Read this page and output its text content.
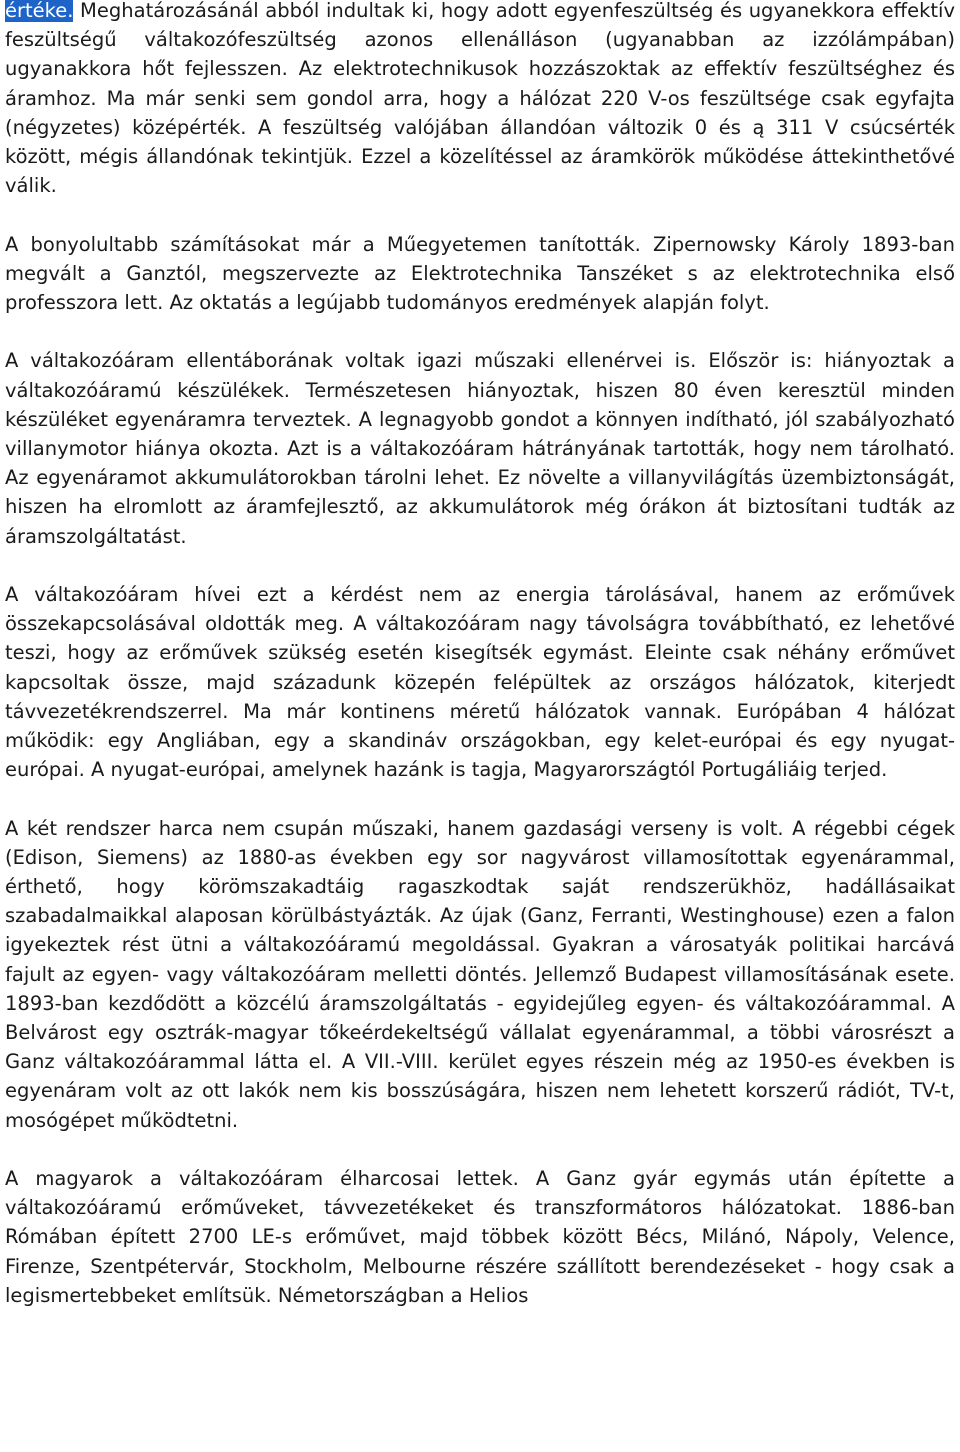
értéke. Meghatározásánál abból indultak ki, hogy adott egyenfeszültség és ugyanekkora effektív feszültségű váltakozófeszültség azonos ellenálláson (ugyanabban az izzólámpában) ugyanakkora hőt fejlesszen. Az elektrotechnikusok hozzászoktak az effektív feszültséghez és áramhoz. Ma már senki sem gondol arra, hogy a hálózat 220 V-os feszültsége csak egyfajta (négyzetes) középérték. A feszültség valójában állandóan változik 0 és ą 311 V csúcsérték között, mégis állandónak tekintjük. Ezzel a közelítéssel az áramkörök működése áttekinthetővé válik.

A bonyolultabb számításokat már a Műegyetemen tanították. Zipernowsky Károly 1893-ban megvált a Ganztól, megszervezte az Elektrotechnika Tanszéket s az elektrotechnika első professzora lett. Az oktatás a legújabb tudományos eredmények alapján folyt.

A váltakozóáram ellentáborának voltak igazi műszaki ellenérvei is. Először is: hiányoztak a váltakozóáramú készülékek. Természetesen hiányoztak, hiszen 80 éven keresztül minden készüléket egyenáramra terveztek. A legnagyobb gondot a könnyen indítható, jól szabályozható villanymotor hiánya okozta. Azt is a váltakozóáram hátrányának tartották, hogy nem tárolható. Az egyenáramot akkumulátorokban tárolni lehet. Ez növelte a villanyvilágítás üzembiztonságát, hiszen ha elromlott az áramfejlesztő, az akkumulátorok még órákon át biztosítani tudták az áramszolgáltatást.

A váltakozóáram hívei ezt a kérdést nem az energia tárolásával, hanem az erőművek összekapcsolásával oldották meg. A váltakozóáram nagy távolságra továbbítható, ez lehetővé teszi, hogy az erőművek szükség esetén kisegítsék egymást. Eleinte csak néhány erőművet kapcsoltak össze, majd századunk közepén felépültek az országos hálózatok, kiterjedt távvezetékrendszerrel. Ma már kontinens méretű hálózatok vannak. Európában 4 hálózat működik: egy Angliában, egy a skandináv országokban, egy kelet-európai és egy nyugat-európai. A nyugat-európai, amelynek hazánk is tagja, Magyarországtól Portugáliáig terjed.

A két rendszer harca nem csupán műszaki, hanem gazdasági verseny is volt. A régebbi cégek (Edison, Siemens) az 1880-as években egy sor nagyvárost villamosítottak egyenárammal, érthető, hogy körömszakadtáig ragaszkodtak saját rendszerükhöz, hadállásaikat szabadalmaikkal alaposan körülbástyázták. Az újak (Ganz, Ferranti, Westinghouse) ezen a falon igyekeztek rést ütni a váltakozóáramú megoldással. Gyakran a városatyák politikai harcává fajult az egyen- vagy váltakozóáram melletti döntés. Jellemző Budapest villamosításának esete. 1893-ban kezdődött a közcélú áramszolgáltatás - egyidejűleg egyen- és váltakozóárammal. A Belvárost egy osztrák-magyar tőkeérdekeltségű vállalat egyenárammal, a többi városrészt a Ganz váltakozóárammal látta el. A VII.-VIII. kerület egyes részein még az 1950-es években is egyenáram volt az ott lakók nem kis bosszúságára, hiszen nem lehetett korszerű rádiót, TV-t, mosógépet működtetni.

A magyarok a váltakozóáram élharcosai lettek. A Ganz gyár egymás után építette a váltakozóáramú erőműveket, távvezetékeket és transzformátoros hálózatokat. 1886-ban Rómában épített 2700 LE-s erőművet, majd többek között Bécs, Milánó, Nápoly, Velence, Firenze, Szentpétervár, Stockholm, Melbourne részére szállított berendezéseket - hogy csak a legismertebbeket említsük. Németországban a Helios
